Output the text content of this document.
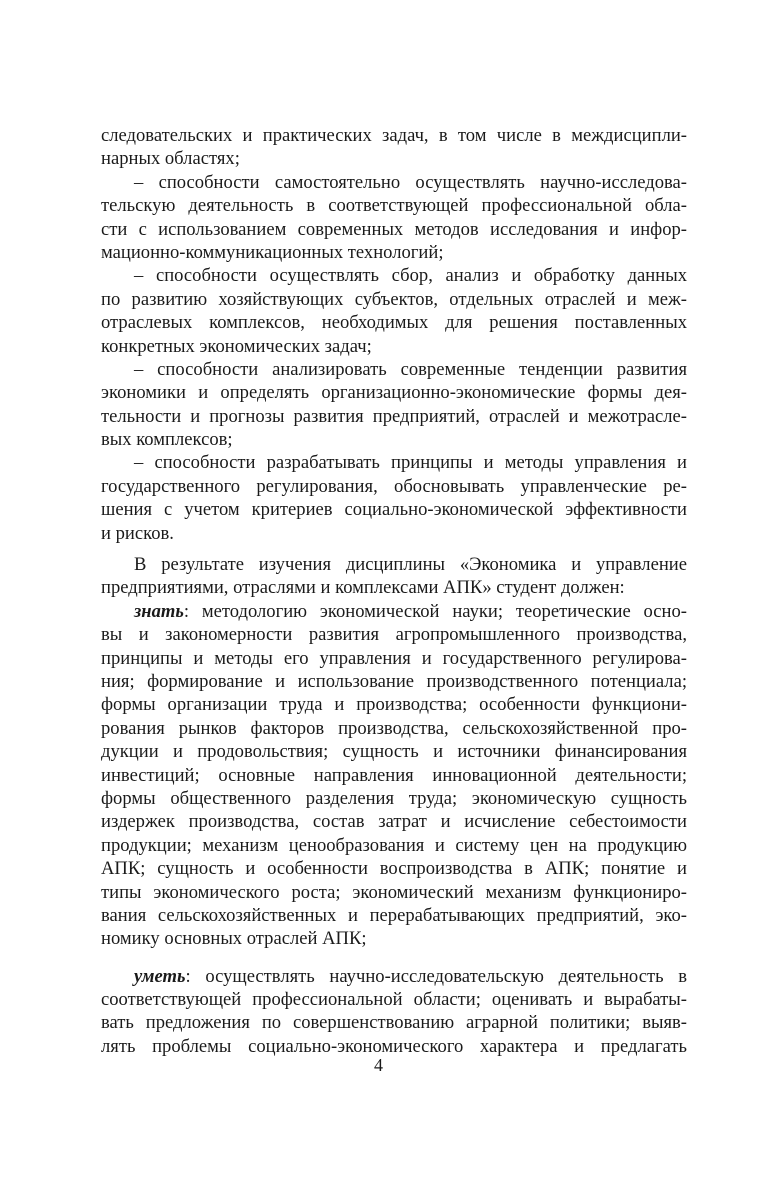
следовательских и практических задач, в том числе в междисципли-
нарных областях;
– способности самостоятельно осуществлять научно-исследова-
тельскую деятельность в соответствующей профессиональной обла-
сти с использованием современных методов исследования и инфор-
мационно-коммуникационных технологий;
– способности осуществлять сбор, анализ и обработку данных
по развитию хозяйствующих субъектов, отдельных отраслей и меж-
отраслевых комплексов, необходимых для решения поставленных
конкретных экономических задач;
– способности анализировать современные тенденции развития
экономики и определять организационно-экономические формы дея-
тельности и прогнозы развития предприятий, отраслей и межотрасле-
вых комплексов;
– способности разрабатывать принципы и методы управления и
государственного регулирования, обосновывать управленческие ре-
шения с учетом критериев социально-экономической эффективности
и рисков.
В результате изучения дисциплины «Экономика и управление
предприятиями, отраслями и комплексами АПК» студент должен:
знать: методологию экономической науки; теоретические осно-
вы и закономерности развития агропромышленного производства,
принципы и методы его управления и государственного регулирова-
ния; формирование и использование производственного потенциала;
формы организации труда и производства; особенности функциони-
рования рынков факторов производства, сельскохозяйственной про-
дукции и продовольствия; сущность и источники финансирования
инвестиций; основные направления инновационной деятельности;
формы общественного разделения труда; экономическую сущность
издержек производства, состав затрат и исчисление себестоимости
продукции; механизм ценообразования и систему цен на продукцию
АПК; сущность и особенности воспроизводства в АПК; понятие и
типы экономического роста; экономический механизм функциониро-
вания сельскохозяйственных и перерабатывающих предприятий, эко-
номику основных отраслей АПК;
уметь: осуществлять научно-исследовательскую деятельность в
соответствующей профессиональной области; оценивать и вырабаты-
вать предложения по совершенствованию аграрной политики; выяв-
лять проблемы социально-экономического характера и предлагать
4
